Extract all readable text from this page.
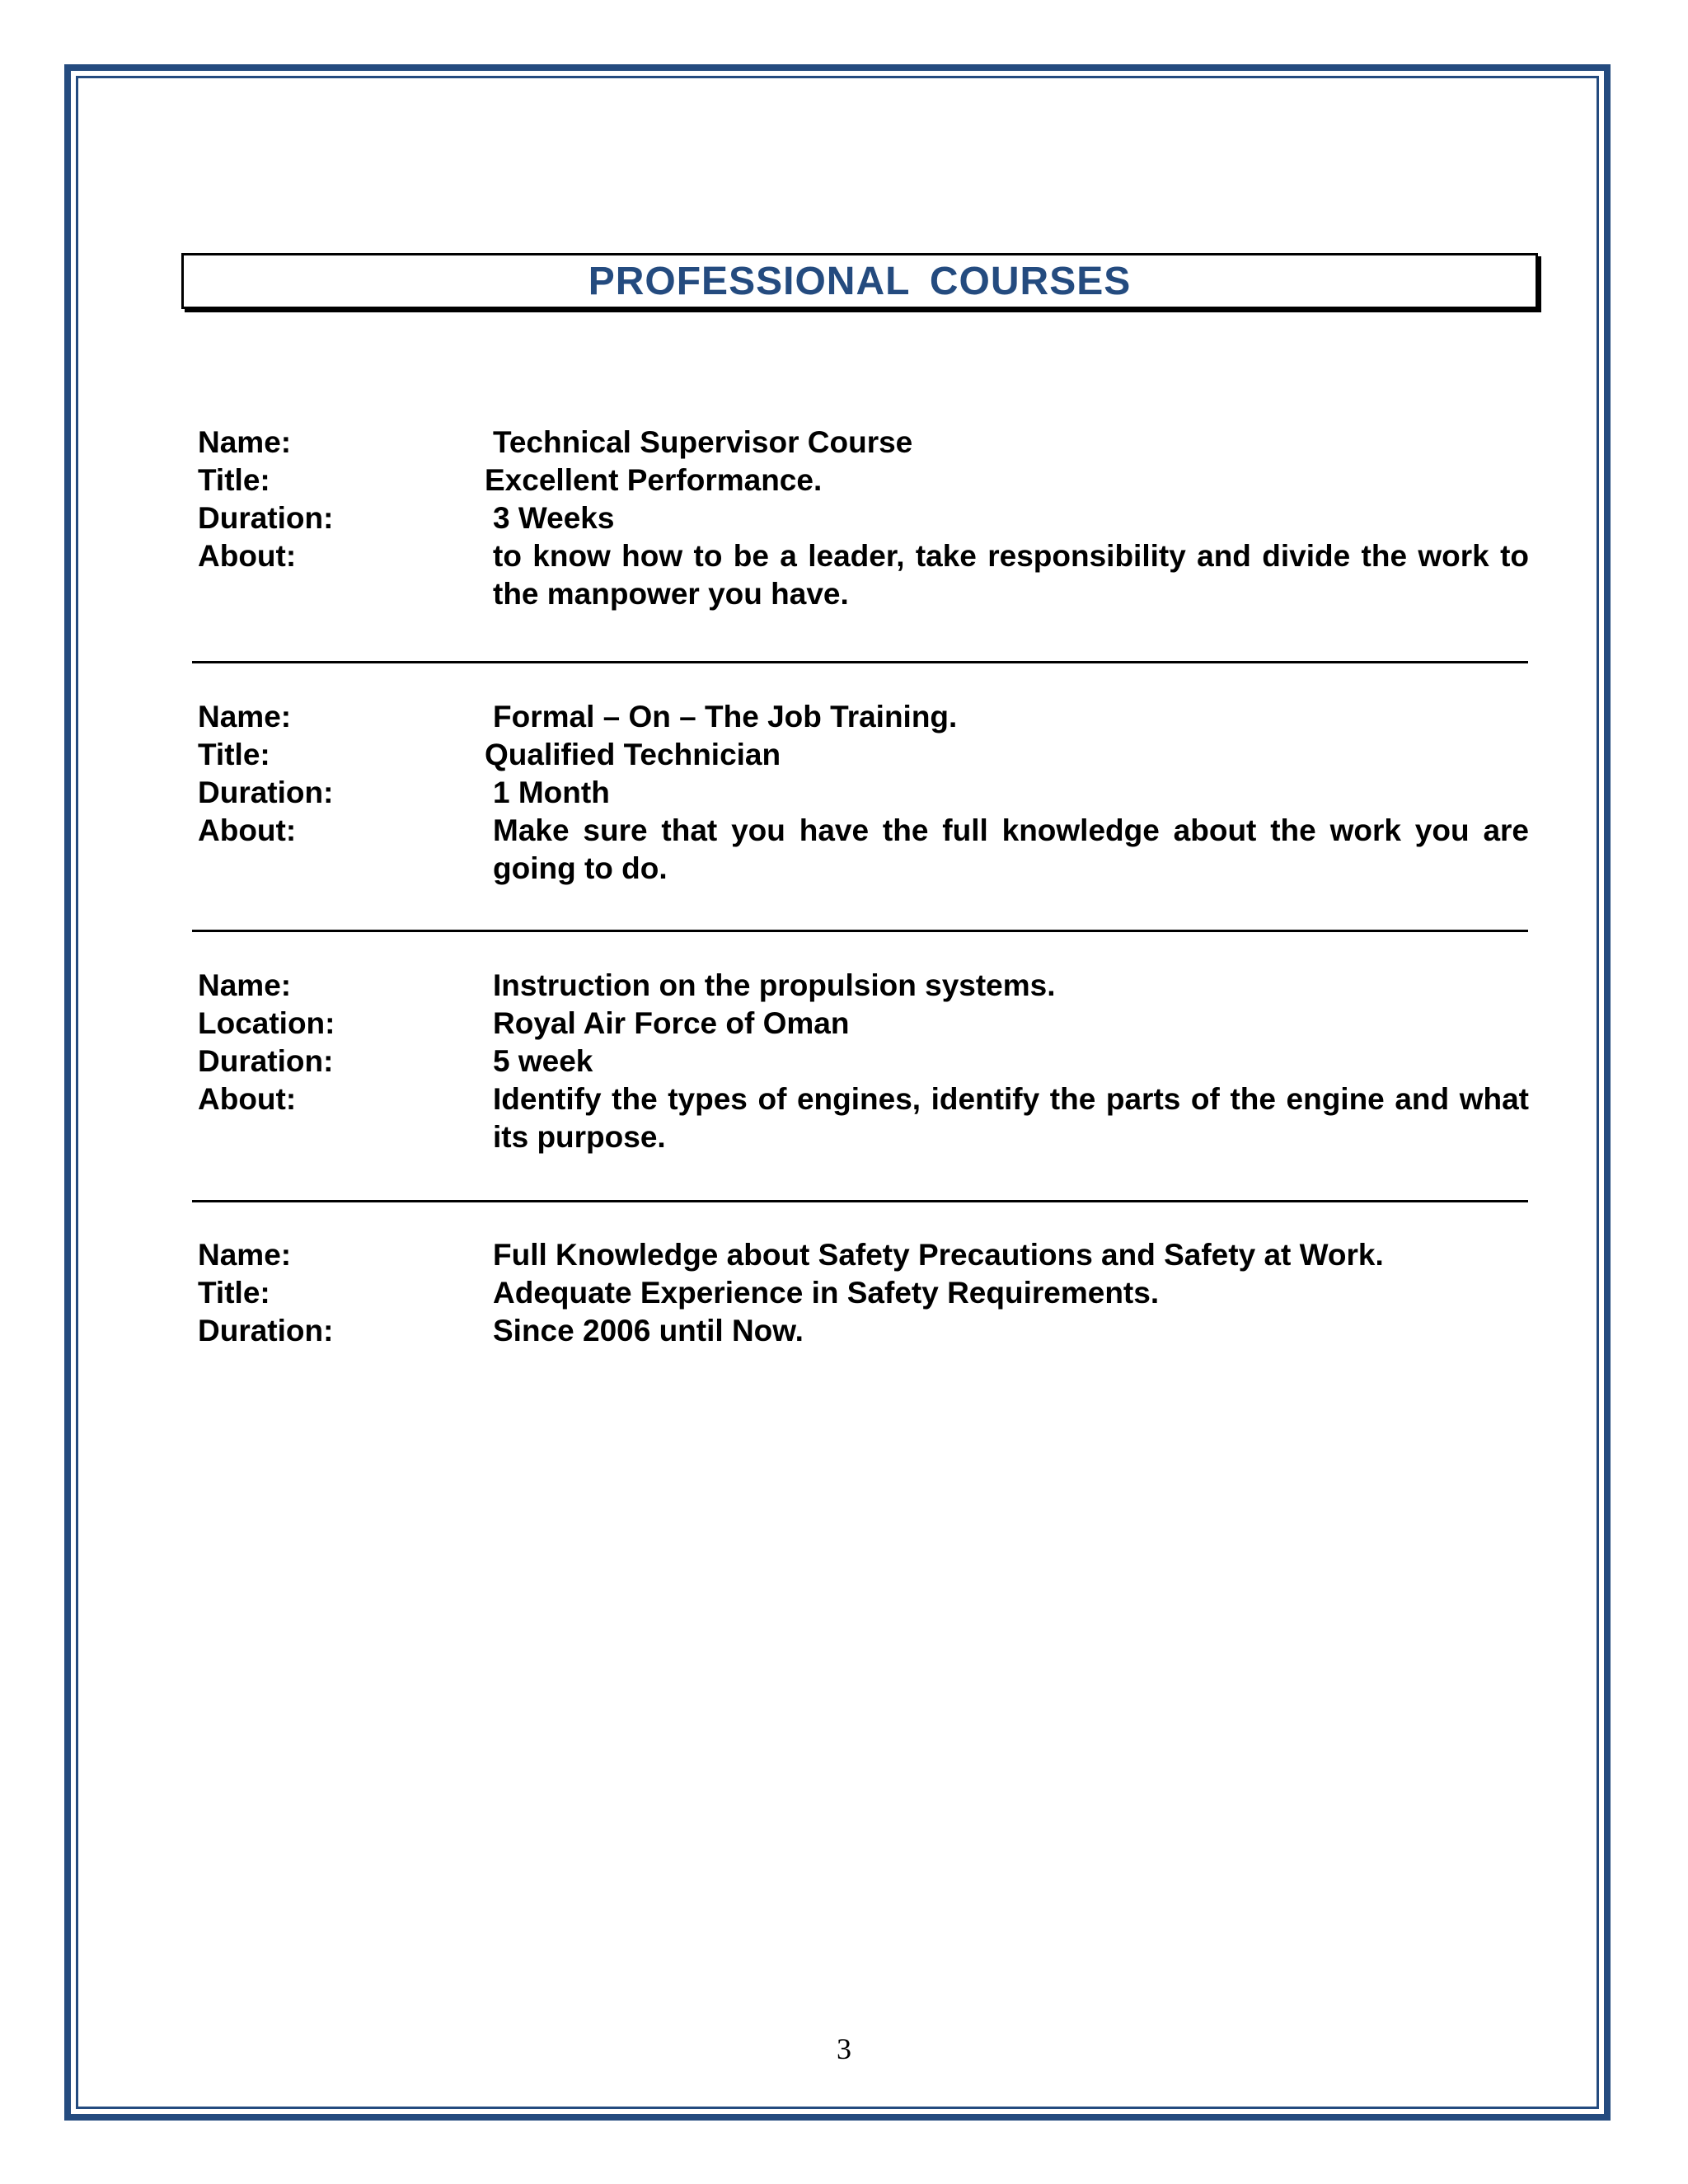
PROFESSIONAL COURSES
Name:	Technical Supervisor Course
Title:	Excellent Performance.
Duration:	3 Weeks
About:	to know how to be a leader, take responsibility and divide the work to the manpower you have.
Name:	Formal – On – The Job Training.
Title:	Qualified Technician
Duration:	1 Month
About:	Make sure that you have the full knowledge about the work you are going to do.
Name:	Instruction on the propulsion systems.
Location:	Royal Air Force of Oman
Duration:	5 week
About:	Identify the types of engines, identify the parts of the engine and what its purpose.
Name:	Full Knowledge about Safety Precautions and Safety at Work.
Title:	Adequate Experience in Safety Requirements.
Duration:	Since 2006 until Now.
3
